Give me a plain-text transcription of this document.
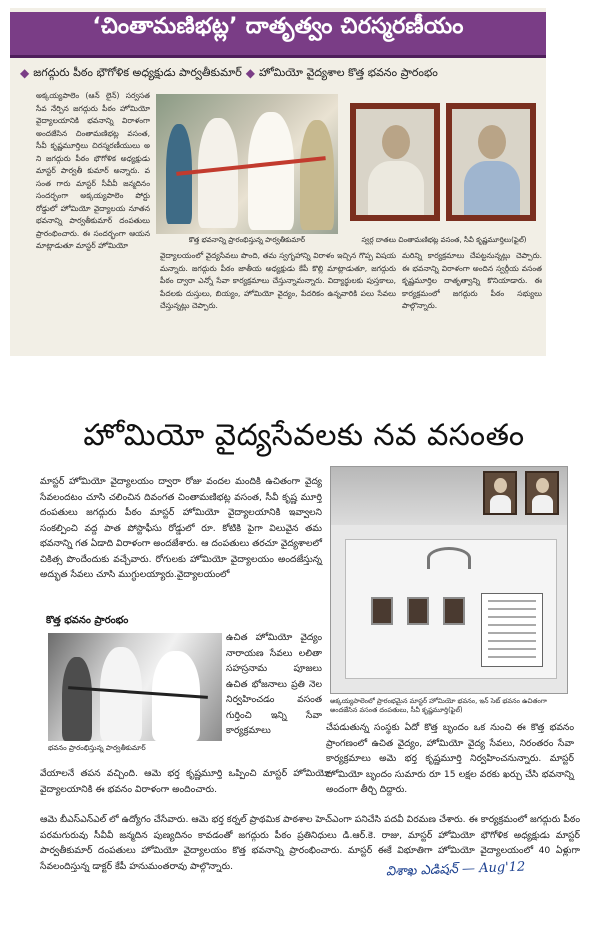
‘చింతామణిభట్ల’ దాతృత్వం చిరస్మరణీయం
◆ జగద్గురు పీఠం భౌగోళిక అధ్యక్షుడు పార్వతీకుమార్ ◆ హోమియో వైద్యశాల కొత్త భవనం ప్రారంభం
అక్కయ్యపాలెం (ఆన్ లైన్) సర్వసత సేవ నేర్పిన జగద్గురు పీఠం హోమియో వైద్యాలయానికి భవనాన్ని విరాళంగా అందజేసిన చింతామణిభట్ల వసంత, సీవీ కృష్ణమూర్తిలు చిరస్మరణీయులు అని జగద్గురు పీఠం భౌగోళిక అధ్యక్షుడు మాస్టర్ పార్వతీ కుమార్ అన్నారు. వసంత గారు మాస్టర్ సీవీవీ జన్మదినం సందర్భంగా అక్కయ్యపాలెం పోర్టు రోడ్డులో హోమియో వైద్యాలయ నూతన భవనాన్ని పార్వతీకుమార్ దంపతులు ప్రారంభించారు. ఈ సందర్భంగా ఆయన మాట్లాడుతూ మాస్టర్ హోమియో
కొత్త భవనాన్ని ప్రారంభిస్తున్న పార్వతీకుమార్	స్వర్గ దాతలు చింతామణిభట్ల వసంత, సీవీ కృష్ణమూర్తిలు(ఫైల్)
వైద్యాలయంలో వైద్యసేవలు పొంది, తమ స్వగృహాన్ని విరాళం ఇచ్చిన గొప్ప విషయమన్నారు. జగద్గురు పీఠం జాతీయ అధ్యక్షుడు కేపీ కొల్లి మాట్లాడుతూ, జగద్గురు పీఠం ద్వారా ఎన్నో సేవా కార్యక్రమాలు చేస్తున్నామన్నారు. విద్యార్థులకు పుస్తకాలు, పేదలకు దుస్తులు, బియ్యం, హోమియో వైద్యం, పేదరికం ఉన్నవారికి పలు సేవలు చేస్తున్నట్లు చెప్పారు.
మరిన్ని కార్యక్రమాలు చేపట్టనున్నట్లు చెప్పారు. ఈ భవనాన్ని విరాళంగా అందిన స్వర్గీయ వసంత కృష్ణమూర్తిల దాతృత్వాన్ని కొనియాడారు. ఈ కార్యక్రమంలో జగద్గురు పీఠం సభ్యులు పాల్గొన్నారు.
హోమియో వైద్యసేవలకు నవ వసంతం
మాస్టర్ హోమియో వైద్యాలయం ద్వారా రోజు వందల మందికి ఉచితంగా వైద్య సేవలందటం చూసి చలించిన దివంగత చింతామణిభట్ల వసంత, సీవీ కృష్ణ మూర్తి దంపతులు జగద్గురు పీఠం మాస్టర్ హోమియో వైద్యాలయానికి ఇవ్వాలని సంకల్పించి వద్ద పాత పోస్టాఫీసు రోడ్డులో రూ. కోటికి పైగా విలువైన తమ భవనాన్ని గత ఏడాది విరాళంగా అందజేశారు. ఆ దంపతులు తరచూ వైద్యశాలలో చికిత్స పొందేందుకు వచ్చేవారు. రోగులకు హోమియో వైద్యాలయం అందజేస్తున్న అద్భుత సేవలు చూసి ముగ్ధులయ్యారు.వైద్యాలయంలో
కొత్త భవనం ప్రారంభం
భవనం ప్రారంభిస్తున్న పార్వతీకుమార్
ఉచిత హోమియో వైద్యం నారాయణ సేవలు లలితా సహస్రనామ పూజలు ఉచిత భోజనాలు ప్రతి నెల నిర్వహించడం వసంత గుర్తించి ఇన్ని సేవా కార్యక్రమాలు
అక్కయ్యపాలెంలో ప్రారంభమైన మాస్టర్ హోమియో భవనం, ఇన్ సెట్ భవనం ఉచితంగా అందజేసిన వసంత దంపతులు, సీవీ కృష్ణమూర్తి(ఫైల్)
చేపడుతున్న సంస్థకు ఏదో కొత్త బృందం ఒక నుంచి ఈ కొత్త భవనం ప్రాంగణంలో ఉచిత వైద్యం, హోమియో వైద్య సేవలు, నిరంతరం సేవా కార్యక్రమాలు అమె భర్త కృష్ణమూర్తి నిర్వహించనున్నారు. మాస్టర్ హోమియో బృందం సుమారు రూ 15 లక్షల వరకు ఖర్చు చేసి భవనాన్ని అందంగా తీర్చి దిద్దారు.
వేయాలనే తపన వచ్చింది. ఆమె భర్త కృష్ణమూర్తి ఒప్పించి మాస్టర్ హోమియో వైద్యాలయానికి ఈ భవనం విరాళంగా అందించారు.
ఆమె బీఎస్ఎన్ఎల్ లో ఉద్యోగం చేసేవారు. ఆమె భర్త కర్నల్ ప్రాథమిక పాఠశాల హెచ్ఎంగా పనిచేసి పదవీ విరమణ చేశారు. ఈ కార్యక్రమంలో జగద్గురు పీఠం పరమగురువు సీవీవీ జన్మదిన పుణ్యదినం కావడంతో జగద్గురు పీఠం ప్రతినిధులు డి.ఆర్.కె. రాజు, మాస్టర్ హోమియో భౌగోళిక అధ్యక్షుడు మాస్టర్ పార్వతీకుమార్ దంపతులు హోమియో వైద్యాలయం కొత్త భవనాన్ని ప్రారంభించారు. మాస్టర్ ఈకే విభూతిగా హోమియో వైద్యాలయంలో 40 ఏళ్లుగా సేవలందిస్తున్న డాక్టర్ కేపీ హనుమంతరావు పాల్గొన్నారు.	విశాఖ ఎడిషన్ — Aug'12
